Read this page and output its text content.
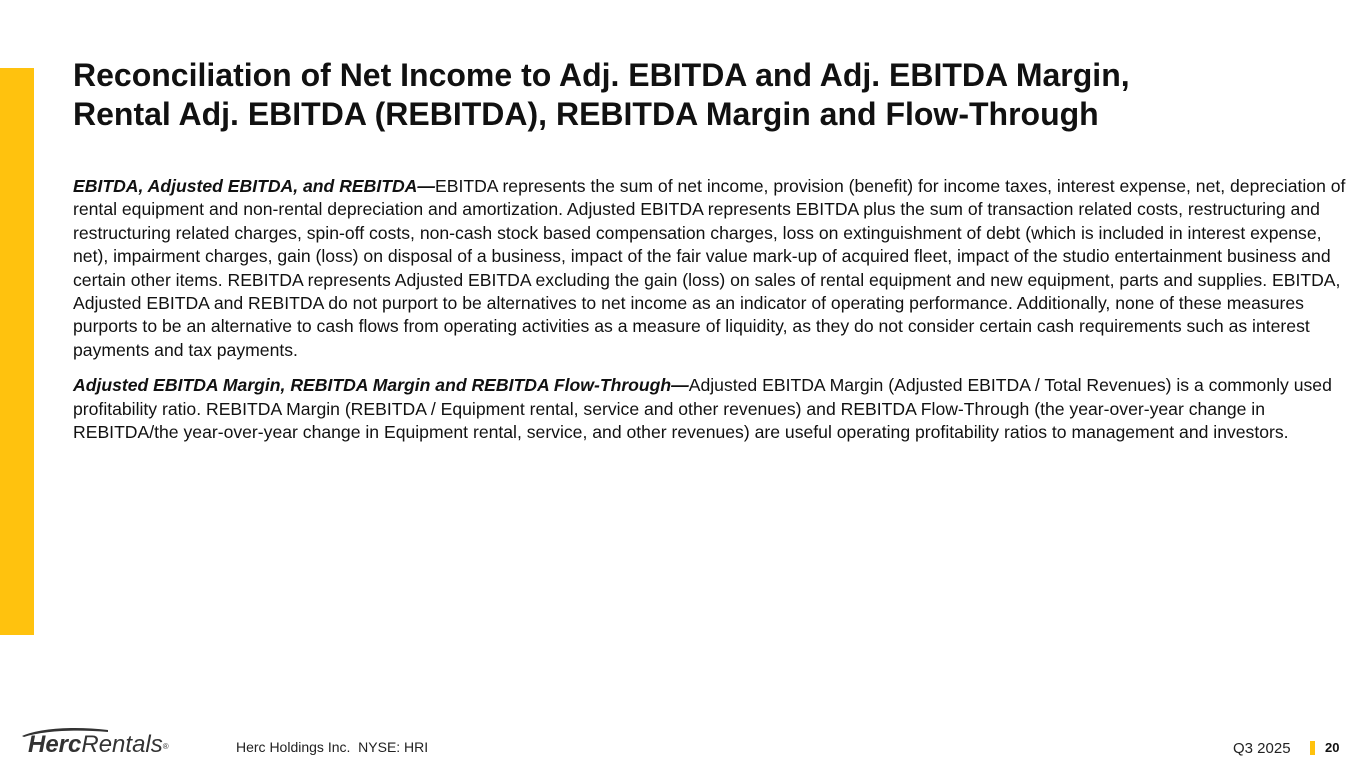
Reconciliation of Net Income to Adj. EBITDA and Adj. EBITDA Margin,
Rental Adj. EBITDA (REBITDA), REBITDA Margin and Flow-Through

EBITDA, Adjusted EBITDA, and REBITDA—EBITDA represents the sum of net income, provision (benefit) for income taxes, interest expense, net, depreciation of rental equipment and non-rental depreciation and amortization. Adjusted EBITDA represents EBITDA plus the sum of transaction related costs, restructuring and restructuring related charges, spin-off costs, non-cash stock based compensation charges, loss on extinguishment of debt (which is included in interest expense, net), impairment charges, gain (loss) on disposal of a business, impact of the fair value mark-up of acquired fleet, impact of the studio entertainment business and certain other items. REBITDA represents Adjusted EBITDA excluding the gain (loss) on sales of rental equipment and new equipment, parts and supplies. EBITDA, Adjusted EBITDA and REBITDA do not purport to be alternatives to net income as an indicator of operating performance. Additionally, none of these measures purports to be an alternative to cash flows from operating activities as a measure of liquidity, as they do not consider certain cash requirements such as interest payments and tax payments.

Adjusted EBITDA Margin, REBITDA Margin and REBITDA Flow-Through—Adjusted EBITDA Margin (Adjusted EBITDA / Total Revenues) is a commonly used profitability ratio. REBITDA Margin (REBITDA / Equipment rental, service and other revenues) and REBITDA Flow-Through (the year-over-year change in REBITDA/the year-over-year change in Equipment rental, service, and other revenues) are useful operating profitability ratios to management and investors.

HercRentals®	Herc Holdings Inc.  NYSE: HRI	Q3 2025	20
